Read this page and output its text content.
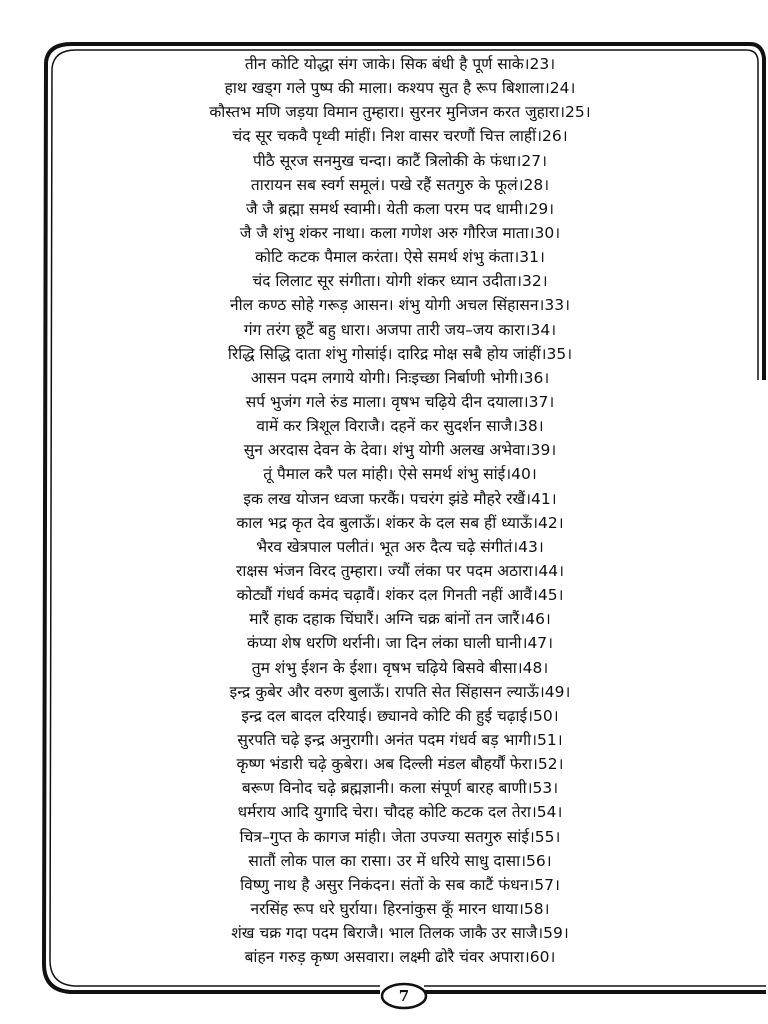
तीन कोटि योद्धा संग जाके। सिक बंधी है पूर्ण साके।23।
हाथ खड्ग गले पुष्प की माला। कश्यप सुत है रूप बिशाला।24।
कौस्तभ मणि जड़या विमान तुम्हारा। सुरनर मुनिजन करत जुहारा।25।
चंद सूर चकवै पृथ्वी मांहीं। निश वासर चरणौं चित्त लाहीं।26।
पीठै सूरज सनमुख चन्दा। काटैं त्रिलोकी के फंधा।27।
तारायन सब स्वर्ग समूलं। पखे रहैं सतगुरु के फूलं।28।
जै जै ब्रह्मा समर्थ स्वामी। येती कला परम पद धामी।29।
जै जै शंभु शंकर नाथा। कला गणेश अरु गौरिज माता।30।
कोटि कटक पैमाल करंता। ऐसे समर्थ शंभु कंता।31।
चंद लिलाट सूर संगीता। योगी शंकर ध्यान उदीता।32।
नील कण्ठ सोहे गरूड़ आसन। शंभु योगी अचल सिंहासन।33।
गंग तरंग छूटैं बहु धारा। अजपा तारी जय–जय कारा।34।
रिद्धि सिद्धि दाता शंभु गोसांई। दारिद्र मोक्ष सबै होय जांहीं।35।
आसन पदम लगाये योगी। निःइच्छा निर्बाणी भोगी।36।
सर्प भुजंग गले रुंड माला। वृषभ चढ़िये दीन दयाला।37।
वामें कर त्रिशूल विराजै। दहनें कर सुदर्शन साजै।38।
सुन अरदास देवन के देवा। शंभु योगी अलख अभेवा।39।
तूं पैमाल करै पल मांही। ऐसे समर्थ शंभु सांई।40।
इक लख योजन ध्वजा फरकैं। पचरंग झंडे मौहरे रखैं।41।
काल भद्र कृत देव बुलाऊँ। शंकर के दल सब हीं ध्याऊँ।42।
भैरव खेत्रपाल पलीतं। भूत अरु दैत्य चढ़े संगीतं।43।
राक्षस भंजन विरद तुम्हारा। ज्यौं लंका पर पदम अठारा।44।
कोट्यौं गंधर्व कमंद चढ़ावैं। शंकर दल गिनती नहीं आवैं।45।
मारैं हाक दहाक चिंघारैं। अग्नि चक्र बांनों तन जारैं।46।
कंप्या शेष धरणि थर्रानी। जा दिन लंका घाली घानी।47।
तुम शंभु ईशन के ईशा। वृषभ चढ़िये बिसवे बीसा।48।
इन्द्र कुबेर और वरुण बुलाऊँ। रापति सेत सिंहासन ल्याऊँ।49।
इन्द्र दल बादल दरियाई। छ्यानवे कोटि की हुई चढ़ाई।50।
सुरपति चढ़े इन्द्र अनुरागी। अनंत पदम गंधर्व बड़ भागी।51।
कृष्ण भंडारी चढ़े कुबेरा। अब दिल्ली मंडल बौहर्यौं फेरा।52।
बरूण विनोद चढ़े ब्रह्मज्ञानी। कला संपूर्ण बारह बाणी।53।
धर्मराय आदि युगादि चेरा। चौदह कोटि कटक दल तेरा।54।
चित्र–गुप्त के कागज मांही। जेता उपज्या सतगुरु सांई।55।
सातौं लोक पाल का रासा। उर में धरिये साधु दासा।56।
विष्णु नाथ है असुर निकंदन। संतों के सब काटैं फंधन।57।
नरसिंह रूप धरे घुर्राया। हिरनांकुस कूँ मारन धाया।58।
शंख चक्र गदा पदम बिराजै। भाल तिलक जाकै उर साजै।59।
बांहन गरुड़ कृष्ण असवारा। लक्ष्मी ढोरै चंवर अपारा।60।
7
